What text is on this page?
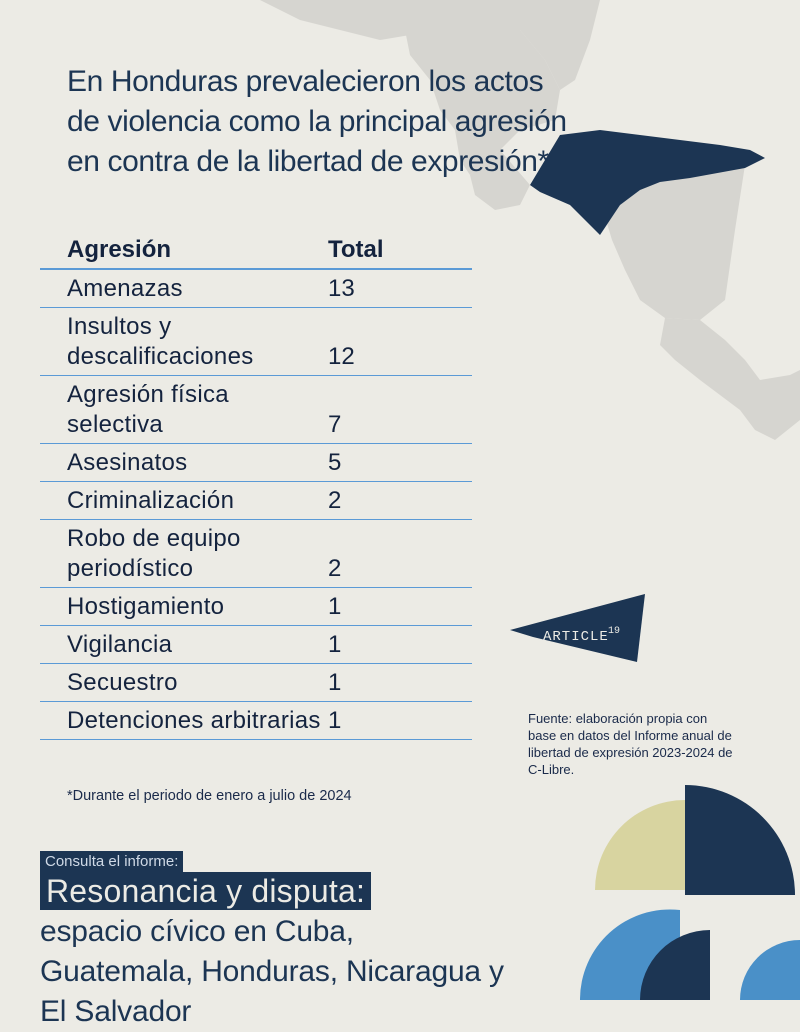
En Honduras prevalecieron los actos de violencia como la principal agresión en contra de la libertad de expresión*
Agresión	Total
Amenazas	13
Insultos y descalificaciones	12
Agresión física selectiva	7
Asesinatos	5
Criminalización	2
Robo de equipo periodístico	2
Hostigamiento	1
Vigilancia	1
Secuestro	1
Detenciones arbitrarias 1
*Durante el periodo de enero a julio de 2024
ARTICLE 19
Fuente: elaboración propia con base en datos del Informe anual de libertad de expresión 2023-2024 de C-Libre.
Consulta el informe:
Resonancia y disputa:
espacio cívico en Cuba, Guatemala, Honduras, Nicaragua y El Salvador
